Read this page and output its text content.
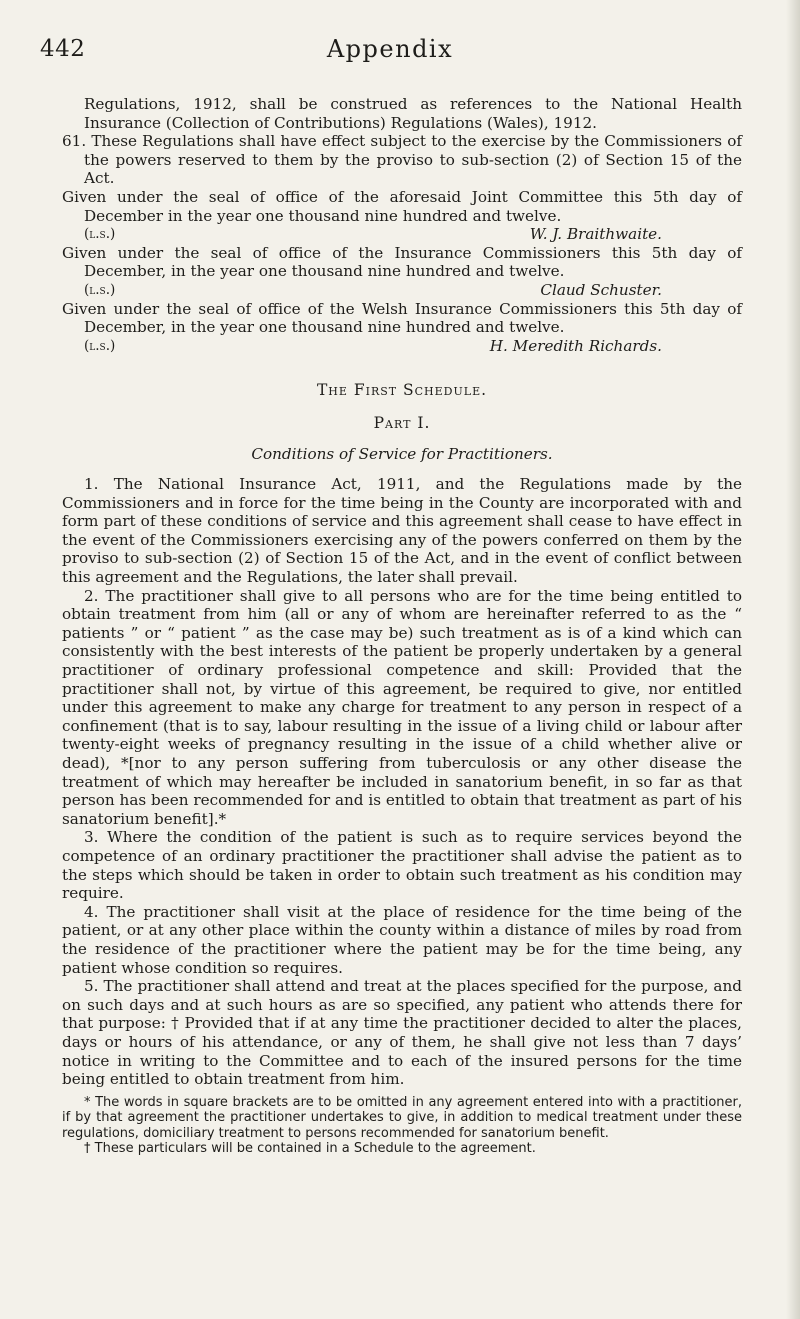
442	Appendix

Regulations, 1912, shall be construed as references to the National Health Insurance (Collection of Contributions) Regulations (Wales), 1912.

61. These Regulations shall have effect subject to the exercise by the Commissioners of the powers reserved to them by the proviso to sub-section (2) of Section 15 of the Act.

Given under the seal of office of the aforesaid Joint Committee this 5th day of December in the year one thousand nine hundred and twelve.

(l.s.)	W. J. Braithwaite.

Given under the seal of office of the Insurance Commissioners this 5th day of December, in the year one thousand nine hundred and twelve.

(l.s.)	Claud Schuster.

Given under the seal of office of the Welsh Insurance Commissioners this 5th day of December, in the year one thousand nine hundred and twelve.

(l.s.)	H. Meredith Richards.
The First Schedule.
Part I.
Conditions of Service for Practitioners.

1. The National Insurance Act, 1911, and the Regulations made by the Commissioners and in force for the time being in the County are incorporated with and form part of these conditions of service and this agreement shall cease to have effect in the event of the Commissioners exercising any of the powers conferred on them by the proviso to sub-section (2) of Section 15 of the Act, and in the event of conflict between this agreement and the Regulations, the later shall prevail.

2. The practitioner shall give to all persons who are for the time being entitled to obtain treatment from him (all or any of whom are hereinafter referred to as the “ patients ” or “ patient ” as the case may be) such treatment as is of a kind which can consistently with the best interests of the patient be properly undertaken by a general practitioner of ordinary professional competence and skill: Provided that the practitioner shall not, by virtue of this agreement, be required to give, nor entitled under this agreement to make any charge for treatment to any person in respect of a confinement (that is to say, labour resulting in the issue of a living child or labour after twenty-eight weeks of pregnancy resulting in the issue of a child whether alive or dead), *[nor to any person suffering from tuberculosis or any other disease the treatment of which may hereafter be included in sanatorium benefit, in so far as that person has been recommended for and is entitled to obtain that treatment as part of his sanatorium benefit].*

3. Where the condition of the patient is such as to require services beyond the competence of an ordinary practitioner the practitioner shall advise the patient as to the steps which should be taken in order to obtain such treatment as his condition may require.

4. The practitioner shall visit at the place of residence for the time being of the patient, or at any other place within the county within a distance of miles by road from the residence of the practitioner where the patient may be for the time being, any patient whose condition so requires.

5. The practitioner shall attend and treat at the places specified for the purpose, and on such days and at such hours as are so specified, any patient who attends there for that purpose: † Provided that if at any time the practitioner decided to alter the places, days or hours of his attendance, or any of them, he shall give not less than 7 days’ notice in writing to the Committee and to each of the insured persons for the time being entitled to obtain treatment from him.

* The words in square brackets are to be omitted in any agreement entered into with a practitioner, if by that agreement the practitioner undertakes to give, in addition to medical treatment under these regulations, domiciliary treatment to persons recommended for sanatorium benefit.

† These particulars will be contained in a Schedule to the agreement.
